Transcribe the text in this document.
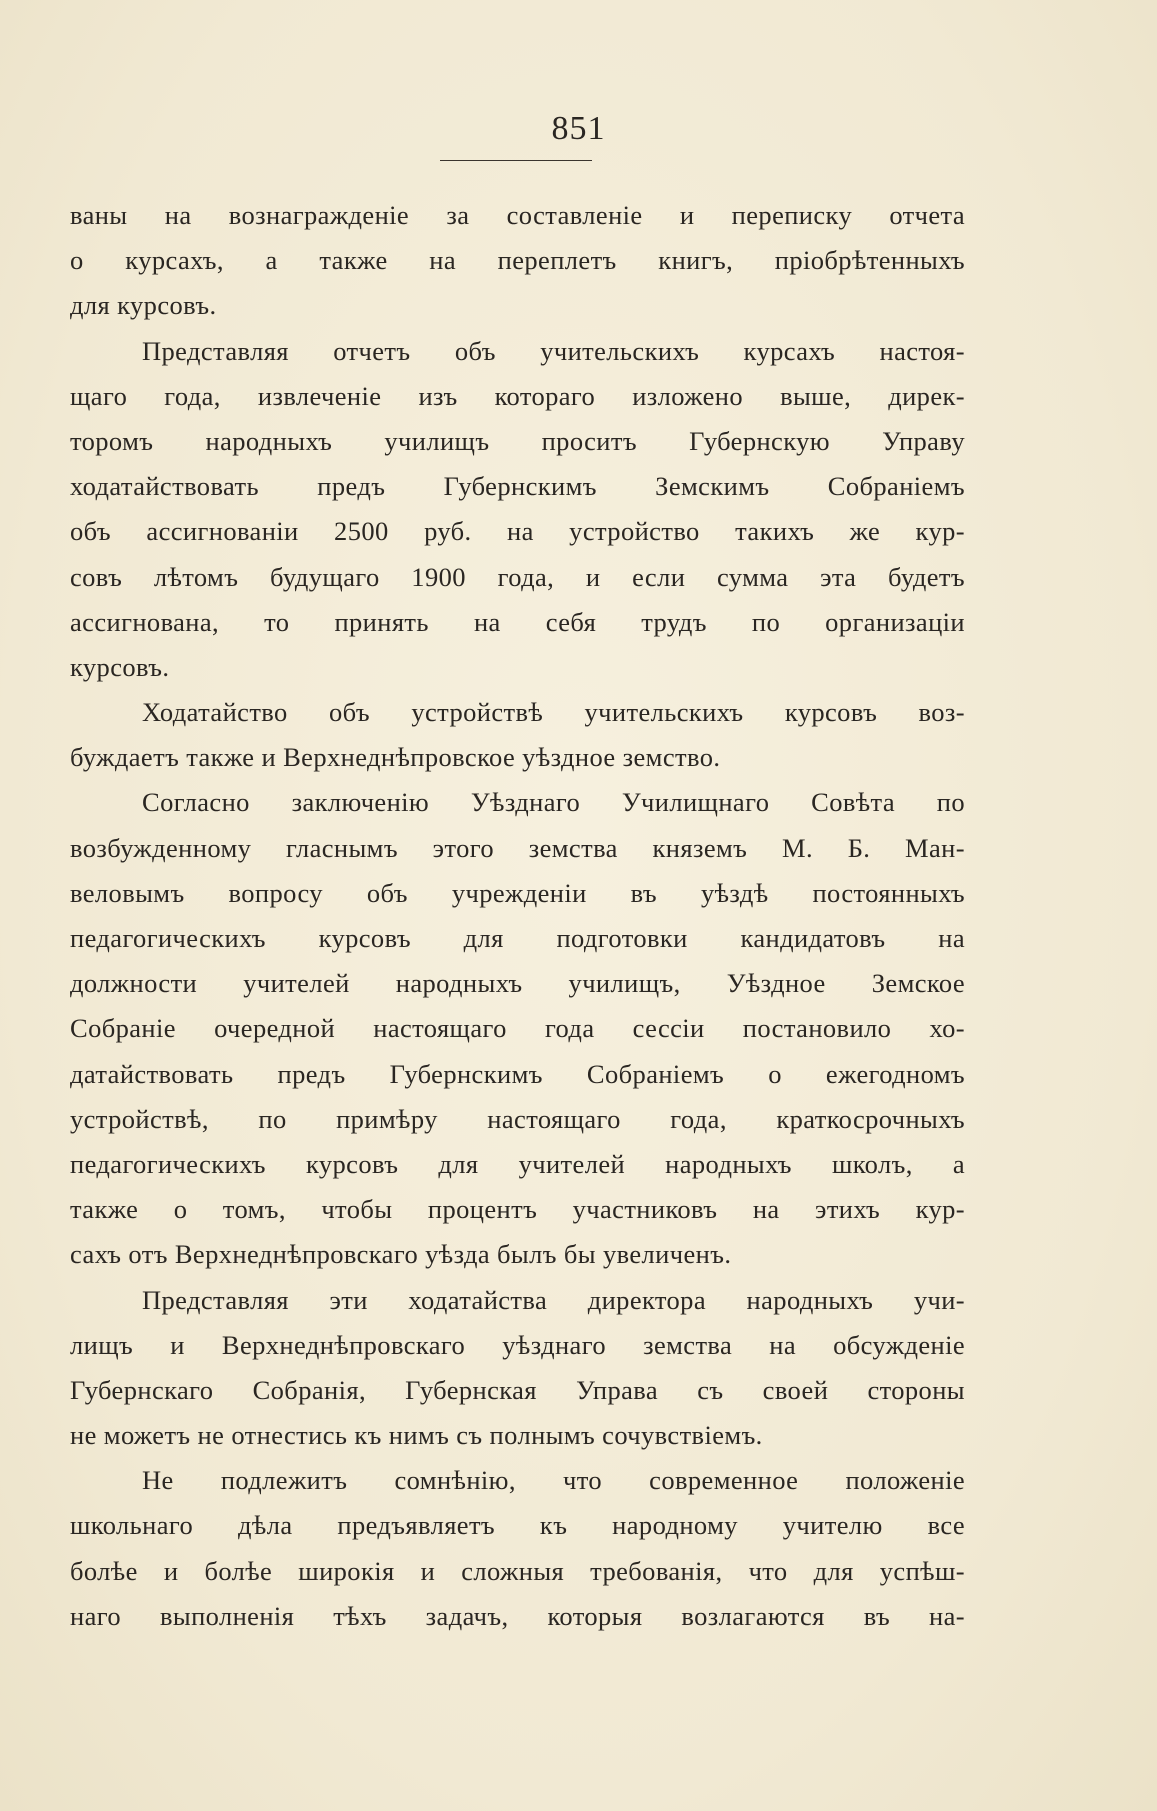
851
ваны на вознагражденіе за составленіе и переписку отчета
о курсахъ, а также на переплетъ книгъ, пріобрѣтенныхъ
для курсовъ.
Представляя отчетъ объ учительскихъ курсахъ настоя-
щаго года, извлеченіе изъ котораго изложено выше, дирек-
торомъ народныхъ училищъ проситъ Губернскую Управу
ходатайствовать предъ Губернскимъ Земскимъ Собраніемъ
объ ассигнованіи 2500 руб. на устройство такихъ же кур-
совъ лѣтомъ будущаго 1900 года, и если сумма эта будетъ
ассигнована, то принять на себя трудъ по организаціи
курсовъ.
Ходатайство объ устройствѣ учительскихъ курсовъ воз-
буждаетъ также и Верхнеднѣпровское уѣздное земство.
Согласно заключенію Уѣзднаго Училищнаго Совѣта по
возбужденному гласнымъ этого земства княземъ М. Б. Ман-
веловымъ вопросу объ учрежденіи въ уѣздѣ постоянныхъ
педагогическихъ курсовъ для подготовки кандидатовъ на
должности учителей народныхъ училищъ, Уѣздное Земское
Собраніе очередной настоящаго года сессіи постановило хо-
датайствовать предъ Губернскимъ Собраніемъ о ежегодномъ
устройствѣ, по примѣру настоящаго года, краткосрочныхъ
педагогическихъ курсовъ для учителей народныхъ школъ, а
также о томъ, чтобы процентъ участниковъ на этихъ кур-
сахъ отъ Верхнеднѣпровскаго уѣзда былъ бы увеличенъ.
Представляя эти ходатайства директора народныхъ учи-
лищъ и Верхнеднѣпровскаго уѣзднаго земства на обсужденіе
Губернскаго Собранія, Губернская Управа съ своей стороны
не можетъ не отнестись къ нимъ съ полнымъ сочувствіемъ.
Не подлежитъ сомнѣнію, что современное положеніе
школьнаго дѣла предъявляетъ къ народному учителю все
болѣе и болѣе широкія и сложныя требованія, что для успѣш-
наго выполненія тѣхъ задачъ, которыя возлагаются въ на-
